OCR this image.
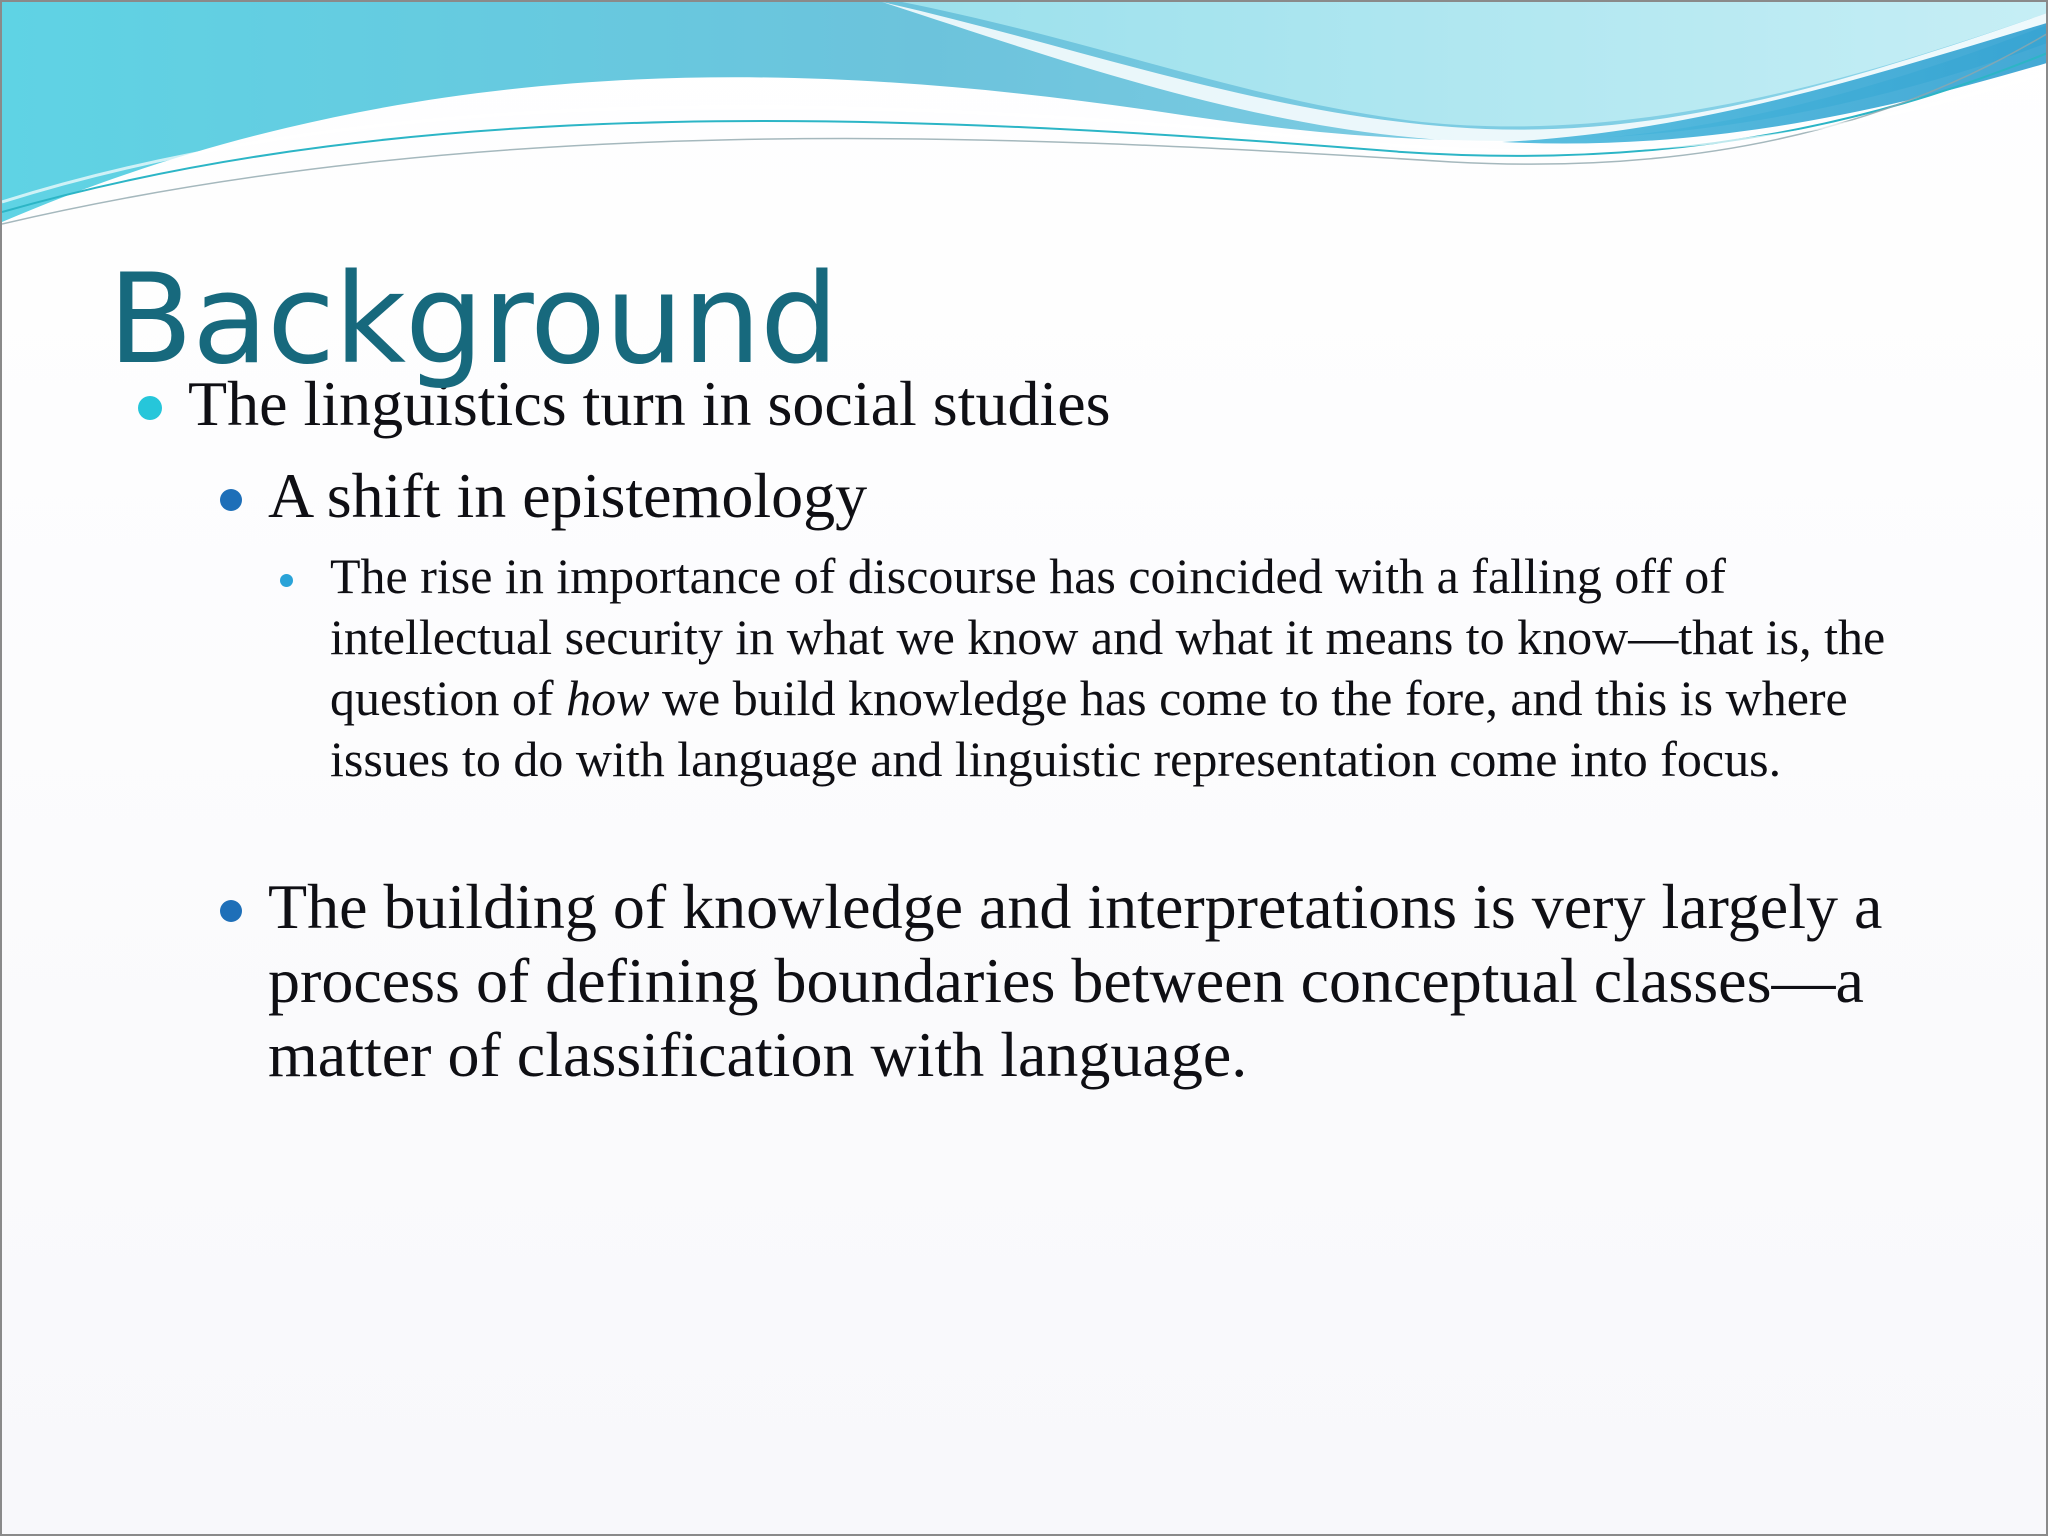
Background
The linguistics turn in social studies
A shift in epistemology
The rise in importance of discourse has coincided with a falling off of intellectual security in what we know and what it means to know—that is, the question of how we build knowledge has come to the fore, and this is where issues to do with language and linguistic representation come into focus.
The building of knowledge and interpretations is very largely a process of defining boundaries between conceptual classes—a matter of classification with language.
